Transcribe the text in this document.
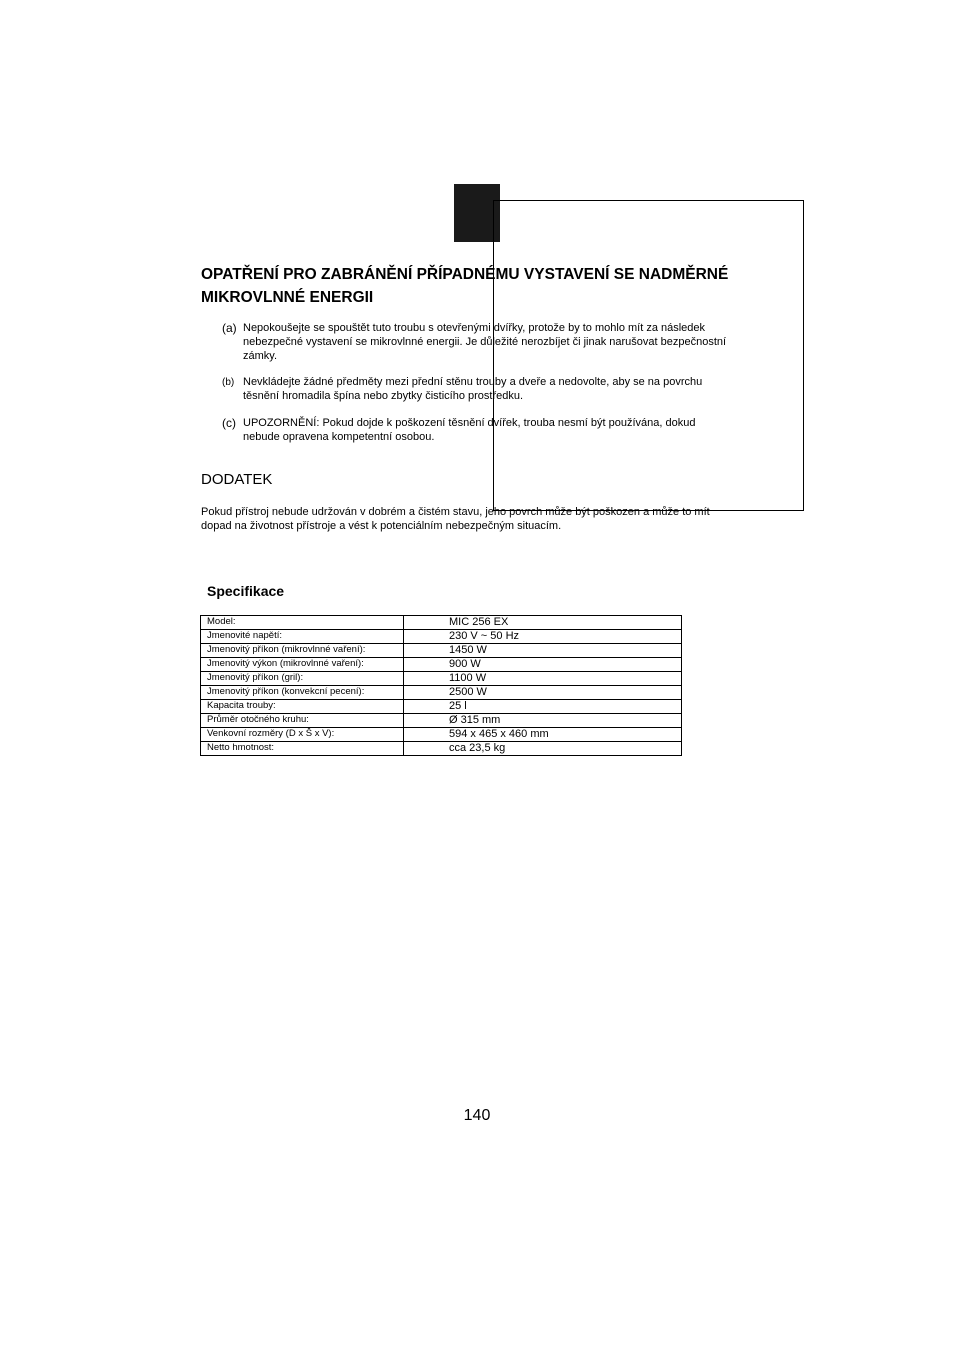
OPATŘENÍ PRO ZABRÁNĚNÍ PŘÍPADNÉMU VYSTAVENÍ SE NADMĚRNÉ
MIKROVLNNÉ ENERGII
(a) Nepokoušejte se spouštět tuto troubu s otevřenými dvířky, protože by to mohlo mít za následek
nebezpečné vystavení se mikrovlnné energii. Je důležité nerozbíjet či jinak narušovat bezpečnostní
zámky.
(b) Nevkládejte žádné předměty mezi přední stěnu trouby a dveře a nedovolte, aby se na povrchu
těsnění hromadila špína nebo zbytky čisticího prostředku.
(c) UPOZORNĚNÍ: Pokud dojde k poškození těsnění dvířek, trouba nesmí být používána, dokud
nebude opravena kompetentní osobou.
DODATEK
Pokud přístroj nebude udržován v dobrém a čistém stavu, jeho povrch může být poškozen a může to mít
dopad na životnost přístroje a vést k potenciálním nebezpečným situacím.
Specifikace
Model:	MIC 256 EX
Jmenovité napětí:	230 V ~ 50 Hz
Jmenovitý příkon (mikrovlnné vaření):	1450 W
Jmenovitý výkon (mikrovlnné vaření):	900 W
Jmenovitý příkon (gril):	1100 W
Jmenovitý příkon (konvekcní pecení):	2500 W
Kapacita trouby:	25 l
Průměr otočného kruhu:	Ø 315 mm
Venkovní rozměry (D x Š x V):	594 x 465 x 460 mm
Netto hmotnost:	cca 23,5 kg
140
